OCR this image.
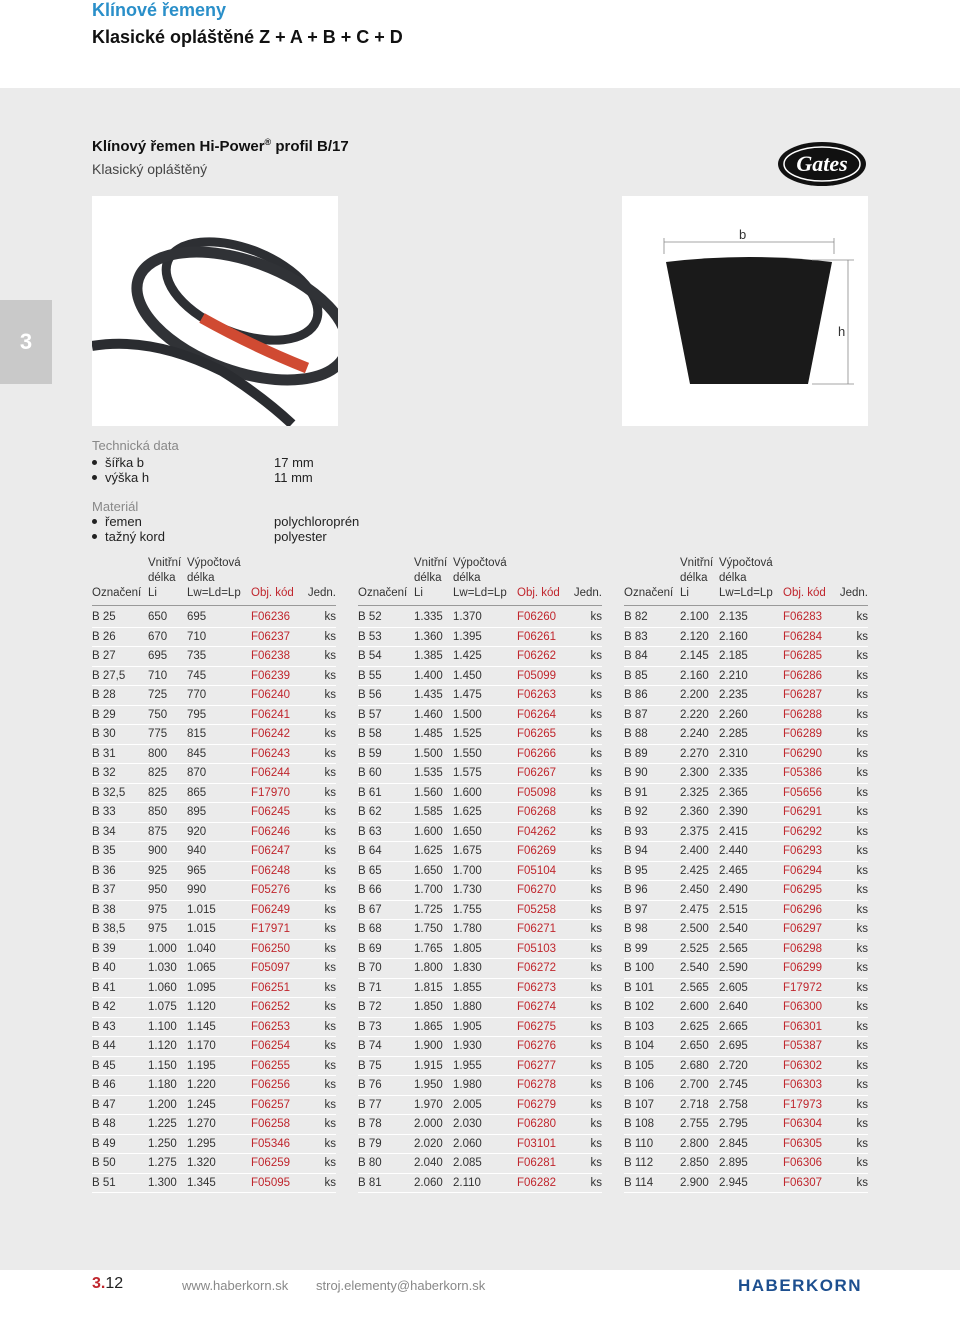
Klínové řemeny
Klasické opláštěné Z + A + B + C + D
3
Klínový řemen Hi-Power® profil B/17
Klasický opláštěný	Gates
b
h
Technická data
šířka b	17 mm
výška h	11 mm
Materiál
řemen	polychloroprén
tažný kord	polyester
Označení	Vnitřní délka Li	Výpočtová délka Lw=Ld=Lp	Obj. kód	Jedn.
B 25	650	695	F06236	ks
B 26	670	710	F06237	ks
B 27	695	735	F06238	ks
B 27,5	710	745	F06239	ks
B 28	725	770	F06240	ks
B 29	750	795	F06241	ks
B 30	775	815	F06242	ks
B 31	800	845	F06243	ks
B 32	825	870	F06244	ks
B 32,5	825	865	F17970	ks
B 33	850	895	F06245	ks
B 34	875	920	F06246	ks
B 35	900	940	F06247	ks
B 36	925	965	F06248	ks
B 37	950	990	F05276	ks
B 38	975	1.015	F06249	ks
B 38,5	975	1.015	F17971	ks
B 39	1.000	1.040	F06250	ks
B 40	1.030	1.065	F05097	ks
B 41	1.060	1.095	F06251	ks
B 42	1.075	1.120	F06252	ks
B 43	1.100	1.145	F06253	ks
B 44	1.120	1.170	F06254	ks
B 45	1.150	1.195	F06255	ks
B 46	1.180	1.220	F06256	ks
B 47	1.200	1.245	F06257	ks
B 48	1.225	1.270	F06258	ks
B 49	1.250	1.295	F05346	ks
B 50	1.275	1.320	F06259	ks
B 51	1.300	1.345	F05095	ks
Označení	Vnitřní délka Li	Výpočtová délka Lw=Ld=Lp	Obj. kód	Jedn.
B 52	1.335	1.370	F06260	ks
B 53	1.360	1.395	F06261	ks
B 54	1.385	1.425	F06262	ks
B 55	1.400	1.450	F05099	ks
B 56	1.435	1.475	F06263	ks
B 57	1.460	1.500	F06264	ks
B 58	1.485	1.525	F06265	ks
B 59	1.500	1.550	F06266	ks
B 60	1.535	1.575	F06267	ks
B 61	1.560	1.600	F05098	ks
B 62	1.585	1.625	F06268	ks
B 63	1.600	1.650	F04262	ks
B 64	1.625	1.675	F06269	ks
B 65	1.650	1.700	F05104	ks
B 66	1.700	1.730	F06270	ks
B 67	1.725	1.755	F05258	ks
B 68	1.750	1.780	F06271	ks
B 69	1.765	1.805	F05103	ks
B 70	1.800	1.830	F06272	ks
B 71	1.815	1.855	F06273	ks
B 72	1.850	1.880	F06274	ks
B 73	1.865	1.905	F06275	ks
B 74	1.900	1.930	F06276	ks
B 75	1.915	1.955	F06277	ks
B 76	1.950	1.980	F06278	ks
B 77	1.970	2.005	F06279	ks
B 78	2.000	2.030	F06280	ks
B 79	2.020	2.060	F03101	ks
B 80	2.040	2.085	F06281	ks
B 81	2.060	2.110	F06282	ks
Označení	Vnitřní délka Li	Výpočtová délka Lw=Ld=Lp	Obj. kód	Jedn.
B 82	2.100	2.135	F06283	ks
B 83	2.120	2.160	F06284	ks
B 84	2.145	2.185	F06285	ks
B 85	2.160	2.210	F06286	ks
B 86	2.200	2.235	F06287	ks
B 87	2.220	2.260	F06288	ks
B 88	2.240	2.285	F06289	ks
B 89	2.270	2.310	F06290	ks
B 90	2.300	2.335	F05386	ks
B 91	2.325	2.365	F05656	ks
B 92	2.360	2.390	F06291	ks
B 93	2.375	2.415	F06292	ks
B 94	2.400	2.440	F06293	ks
B 95	2.425	2.465	F06294	ks
B 96	2.450	2.490	F06295	ks
B 97	2.475	2.515	F06296	ks
B 98	2.500	2.540	F06297	ks
B 99	2.525	2.565	F06298	ks
B 100	2.540	2.590	F06299	ks
B 101	2.565	2.605	F17972	ks
B 102	2.600	2.640	F06300	ks
B 103	2.625	2.665	F06301	ks
B 104	2.650	2.695	F05387	ks
B 105	2.680	2.720	F06302	ks
B 106	2.700	2.745	F06303	ks
B 107	2.718	2.758	F17973	ks
B 108	2.755	2.795	F06304	ks
B 110	2.800	2.845	F06305	ks
B 112	2.850	2.895	F06306	ks
B 114	2.900	2.945	F06307	ks
3.12	www.haberkorn.sk stroj.elementy@haberkorn.sk	HABERKORN
